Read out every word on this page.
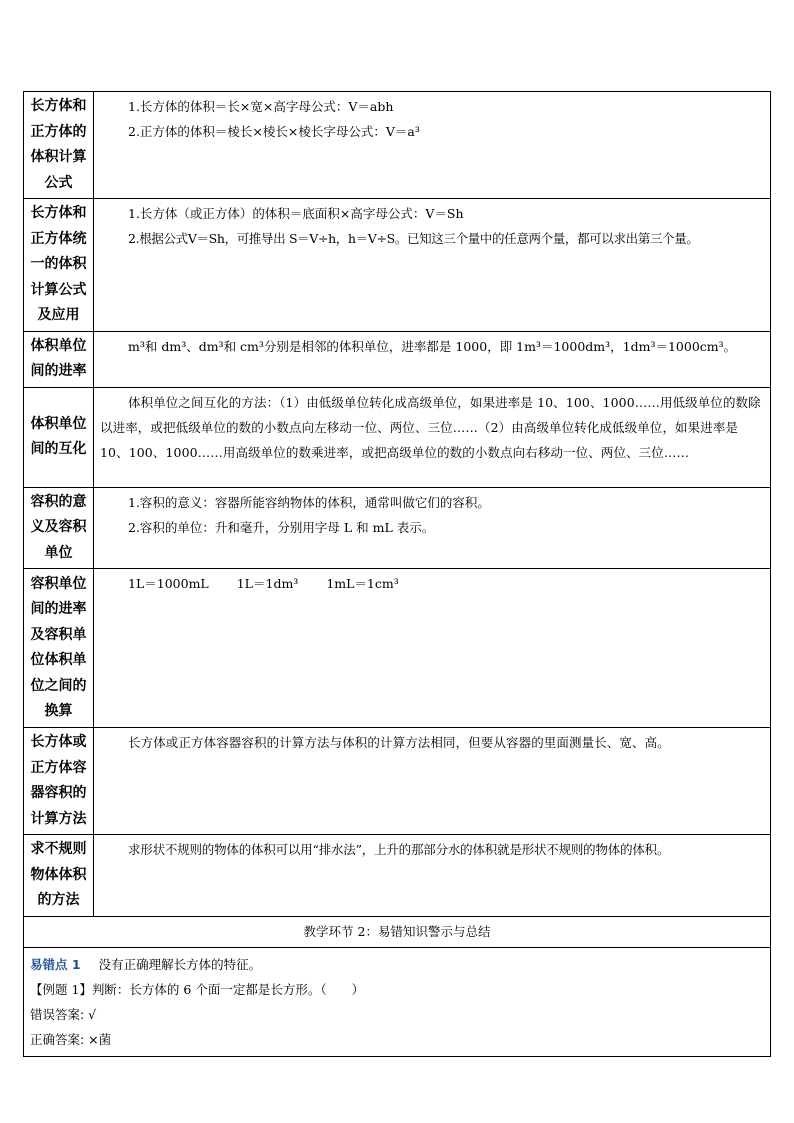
长方体和正方体的体积计算公式	1.长方体的体积＝长×宽×高字母公式：V＝abh
2.正方体的体积＝棱长×棱长×棱长字母公式：V＝a³

长方体和正方体统一的体积计算公式及应用	1.长方体（或正方体）的体积＝底面积×高字母公式：V＝Sh
2.根据公式V＝Sh，可推导出 S＝V÷h，h＝V÷S。已知这三个量中的任意两个量，都可以求出第三个量。

体积单位间的进率	m³和 dm³、dm³和 cm³分别是相邻的体积单位，进率都是 1000，即 1m³＝1000dm³，1dm³＝1000cm³。

体积单位间的互化	体积单位之间互化的方法：（1）由低级单位转化成高级单位，如果进率是 10、100、1000……用低级单位的数除以进率，或把低级单位的数的小数点向左移动一位、两位、三位……（2）由高级单位转化成低级单位，如果进率是 10、100、1000……用高级单位的数乘进率，或把高级单位的数的小数点向右移动一位、两位、三位……

容积的意义及容积单位	1.容积的意义：容器所能容纳物体的体积，通常叫做它们的容积。
2.容积的单位：升和毫升，分别用字母 L 和 mL 表示。

容积单位间的进率及容积单位体积单位之间的换算	1L＝1000mL 1L＝1dm³ 1mL＝1cm³

长方体或正方体容器容积的计算方法	长方体或正方体容器容积的计算方法与体积的计算方法相同，但要从容器的里面测量长、宽、高。

求不规则物体体积的方法	求形状不规则的物体的体积可以用“排水法”，上升的那部分水的体积就是形状不规则的物体的体积。

教学环节 2：易错知识警示与总结	

易错点 1 没有正确理解长方体的特征。
【例题 1】判断：长方体的 6 个面一定都是长方形。（　　）
错误答案: √
正确答案: ×菌	
